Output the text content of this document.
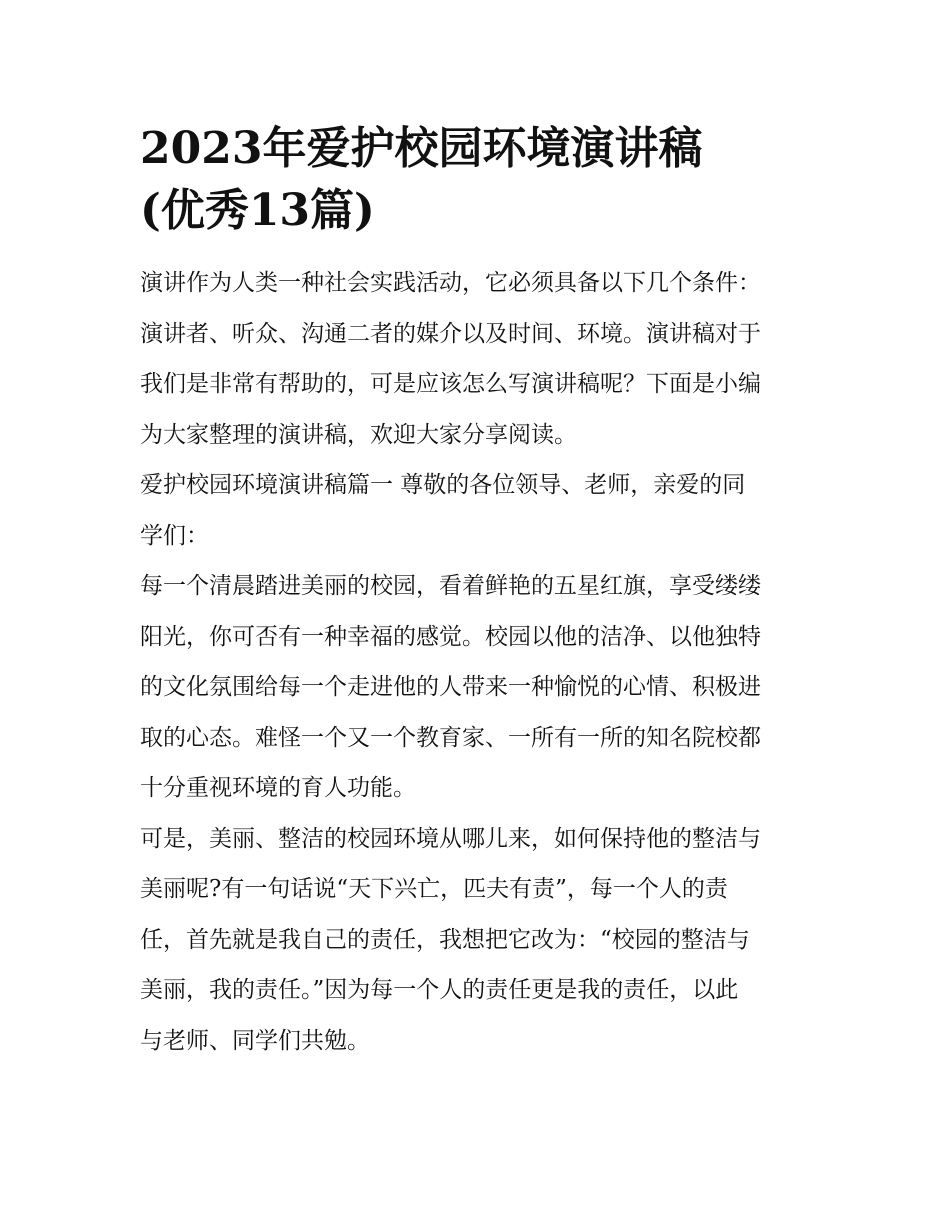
2023年爱护校园环境演讲稿
(优秀13篇)

演讲作为人类一种社会实践活动，它必须具备以下几个条件：
演讲者、听众、沟通二者的媒介以及时间、环境。演讲稿对于
我们是非常有帮助的，可是应该怎么写演讲稿呢？下面是小编
为大家整理的演讲稿，欢迎大家分享阅读。

爱护校园环境演讲稿篇一 尊敬的各位领导、老师，亲爱的同
学们：

每一个清晨踏进美丽的校园，看着鲜艳的五星红旗，享受缕缕
阳光，你可否有一种幸福的感觉。校园以他的洁净、以他独特
的文化氛围给每一个走进他的人带来一种愉悦的心情、积极进
取的心态。难怪一个又一个教育家、一所有一所的知名院校都
十分重视环境的育人功能。

可是，美丽、整洁的校园环境从哪儿来，如何保持他的整洁与
美丽呢?有一句话说“天下兴亡，匹夫有责”，每一个人的责
任，首先就是我自己的责任，我想把它改为：“校园的整洁与
美丽，我的责任。”因为每一个人的责任更是我的责任，以此
与老师、同学们共勉。
